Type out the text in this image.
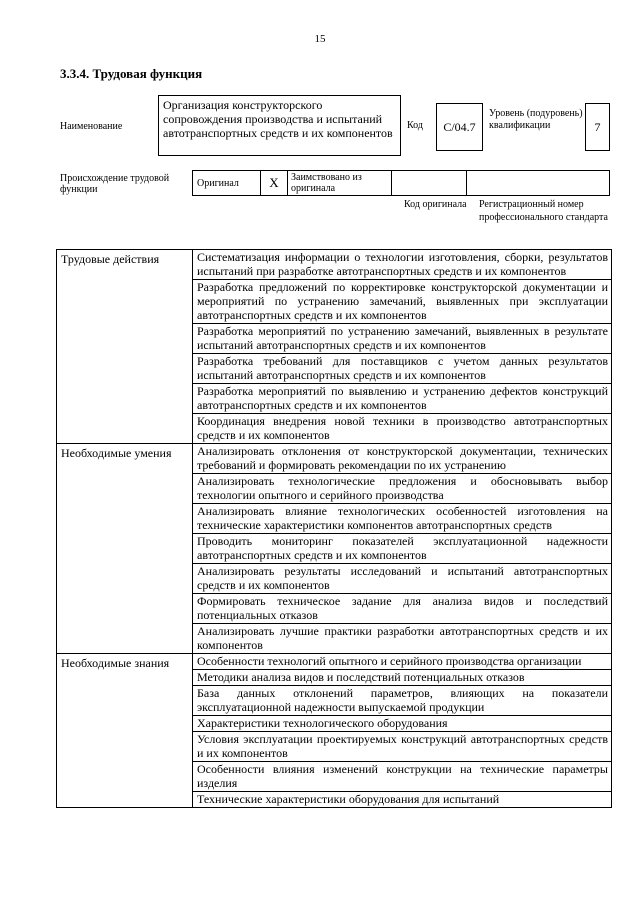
15
3.3.4. Трудовая функция
Наименование
Организация конструкторского сопровождения производства и испытаний автотранспортных средств и их компонентов
Код	С/04.7
Уровень (подуровень) квалификации	7
Происхождение трудовой функции
Оригинал X	Заимствовано из оригинала
Код оригинала	Регистрационный номер профессионального стандарта
Трудовые действия	Систематизация информации о технологии изготовления, сборки, результатов испытаний при разработке автотранспортных средств и их компонентов
	Разработка предложений по корректировке конструкторской документации и мероприятий по устранению замечаний, выявленных при эксплуатации автотранспортных средств и их компонентов
	Разработка мероприятий по устранению замечаний, выявленных в результате испытаний автотранспортных средств и их компонентов
	Разработка требований для поставщиков с учетом данных результатов испытаний автотранспортных средств и их компонентов
	Разработка мероприятий по выявлению и устранению дефектов конструкций автотранспортных средств и их компонентов
	Координация внедрения новой техники в производство автотранспортных средств и их компонентов
Необходимые умения	Анализировать отклонения от конструкторской документации, технических требований и формировать рекомендации по их устранению
	Анализировать технологические предложения и обосновывать выбор технологии опытного и серийного производства
	Анализировать влияние технологических особенностей изготовления на технические характеристики компонентов автотранспортных средств
	Проводить мониторинг показателей эксплуатационной надежности автотранспортных средств и их компонентов
	Анализировать результаты исследований и испытаний автотранспортных средств и их компонентов
	Формировать техническое задание для анализа видов и последствий потенциальных отказов
	Анализировать лучшие практики разработки автотранспортных средств и их компонентов
Необходимые знания	Особенности технологий опытного и серийного производства организации
	Методики анализа видов и последствий потенциальных отказов
	База данных отклонений параметров, влияющих на показатели эксплуатационной надежности выпускаемой продукции
	Характеристики технологического оборудования
	Условия эксплуатации проектируемых конструкций автотранспортных средств и их компонентов
	Особенности влияния изменений конструкции на технические параметры изделия
	Технические характеристики оборудования для испытаний
